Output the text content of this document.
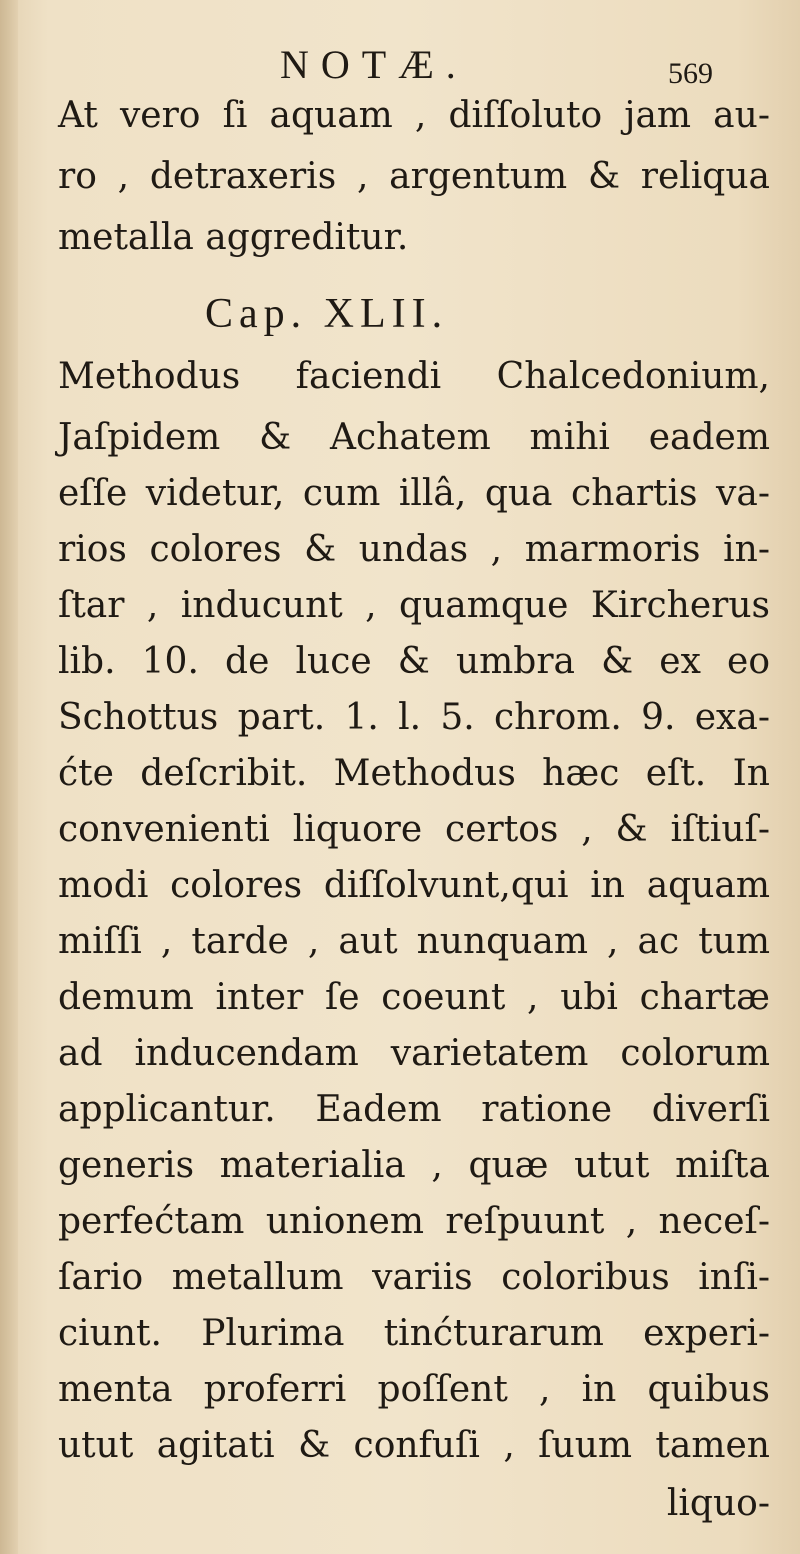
NOTÆ.	569
At vero ſi aquam , diſſoluto jam au-
ro , detraxeris , argentum & reliqua
metalla aggreditur.
Methodus faciendi Chalcedonium,
Jaſpidem & Achatem mihi eadem
eſſe videtur, cum illâ, qua chartis va-
rios colores & undas , marmoris in-
ſtar , inducunt , quamque Kircherus
lib. 10. de luce & umbra & ex eo
Schottus part. 1. l. 5. chrom. 9. exa-
ćte deſcribit. Methodus hæc eſt. In
convenienti liquore certos , & iſtiuſ-
modi colores diſſolvunt,qui in aquam
miſſi , tarde , aut nunquam , ac tum
demum inter ſe coeunt , ubi chartæ
ad inducendam varietatem colorum
applicantur. Eadem ratione diverſi
generis materialia , quæ utut miſta
perfećtam unionem reſpuunt , neceſ-
ſario metallum variis coloribus inſi-
ciunt. Plurima tinćturarum experi-
menta proferri poſſent , in quibus
utut agitati & confuſi , ſuum tamen
liquo-
Cap. XLII.
